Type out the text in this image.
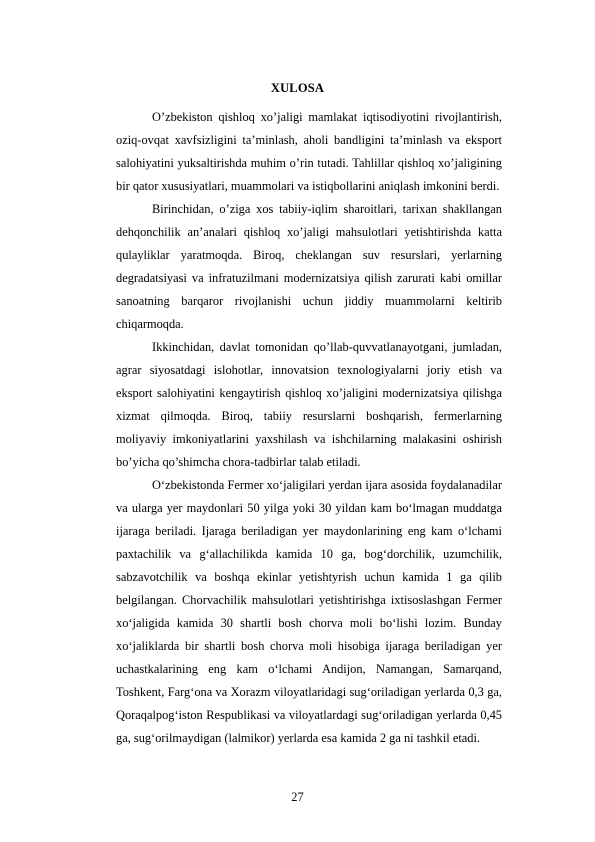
XULOSA

O’zbekiston qishloq xo’jaligi mamlakat iqtisodiyotini rivojlantirish, oziq-ovqat xavfsizligini ta’minlash, aholi bandligini ta’minlash va eksport salohiyatini yuksaltirishda muhim o’rin tutadi. Tahlillar qishloq xo’jaligining bir qator xususiyatlari, muammolari va istiqbollarini aniqlash imkonini berdi.

Birinchidan, o’ziga xos tabiiy-iqlim sharoitlari, tarixan shakllangan dehqonchilik an’analari qishloq xo’jaligi mahsulotlari yetishtirishda katta qulayliklar yaratmoqda. Biroq, cheklangan suv resurslari, yerlarning degradatsiyasi va infratuzilmani modernizatsiya qilish zarurati kabi omillar sanoatning barqaror rivojlanishi uchun jiddiy muammolarni keltirib chiqarmoqda.

Ikkinchidan, davlat tomonidan qo’llab-quvvatlanayotgani, jumladan, agrar siyosatdagi islohotlar, innovatsion texnologiyalarni joriy etish va eksport salohiyatini kengaytirish qishloq xo’jaligini modernizatsiya qilishga xizmat qilmoqda. Biroq, tabiiy resurslarni boshqarish, fermerlarning moliyaviy imkoniyatlarini yaxshilash va ishchilarning malakasini oshirish bo’yicha qo’shimcha chora-tadbirlar talab etiladi.

O‘zbekistonda Fermer xo‘jaligilari yerdan ijara asosida foydalanadilar va ularga yer maydonlari 50 yilga yoki 30 yildan kam bo‘lmagan muddatga ijaraga beriladi. Ijaraga beriladigan yer maydonlarining eng kam o‘lchami paxtachilik va g‘allachilikda kamida 10 ga, bog‘dorchilik, uzumchilik, sabzavotchilik va boshqa ekinlar yetishtyrish uchun kamida 1 ga qilib belgilangan. Chorvachilik mahsulotlari yetishtirishga ixtisoslashgan Fermer xo‘jaligida kamida 30 shartli bosh chorva moli bo‘lishi lozim. Bunday xo‘jaliklarda bir shartli bosh chorva moli hisobiga ijaraga beriladigan yer uchastkalarining eng kam o‘lchami Andijon, Namangan, Samarqand, Toshkent, Farg‘ona va Xorazm viloyatlaridagi sug‘oriladigan yerlarda 0,3 ga, Qoraqalpog‘iston Respublikasi va viloyatlardagi sug‘oriladigan yerlarda 0,45 ga, sug‘orilmaydigan (lalmikor) yerlarda esa kamida 2 ga ni tashkil etadi.

27
